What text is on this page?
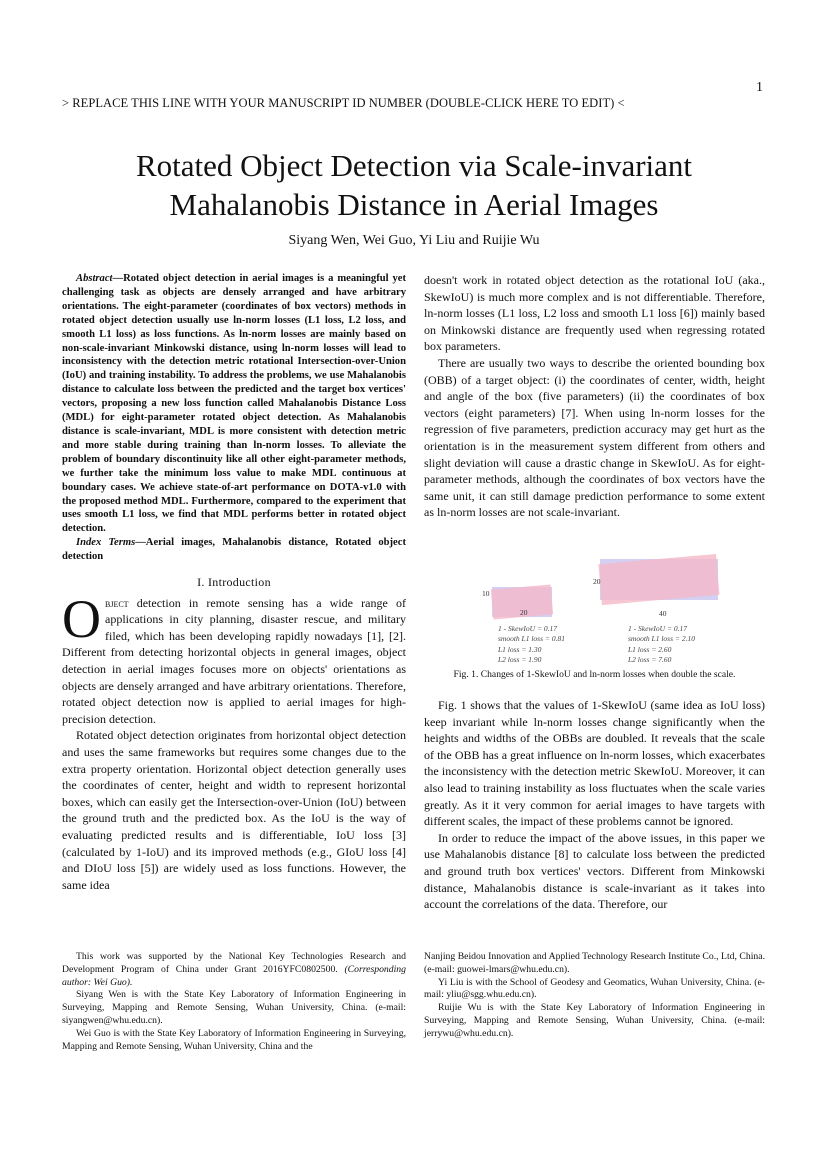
1
> REPLACE THIS LINE WITH YOUR MANUSCRIPT ID NUMBER (DOUBLE-CLICK HERE TO EDIT) <
Rotated Object Detection via Scale-invariant
Mahalanobis Distance in Aerial Images
Siyang Wen, Wei Guo, Yi Liu and Ruijie Wu

Abstract—Rotated object detection in aerial images is a meaningful yet challenging task as objects are densely arranged and have arbitrary orientations. The eight-parameter (coordinates of box vectors) methods in rotated object detection usually use ln-norm losses (L1 loss, L2 loss, and smooth L1 loss) as loss functions. As ln-norm losses are mainly based on non-scale-invariant Minkowski distance, using ln-norm losses will lead to inconsistency with the detection metric rotational Intersection-over-Union (IoU) and training instability. To address the problems, we use Mahalanobis distance to calculate loss between the predicted and the target box vertices' vectors, proposing a new loss function called Mahalanobis Distance Loss (MDL) for eight-parameter rotated object detection. As Mahalanobis distance is scale-invariant, MDL is more consistent with detection metric and more stable during training than ln-norm losses. To alleviate the problem of boundary discontinuity like all other eight-parameter methods, we further take the minimum loss value to make MDL continuous at boundary cases. We achieve state-of-art performance on DOTA-v1.0 with the proposed method MDL. Furthermore, compared to the experiment that uses smooth L1 loss, we find that MDL performs better in rotated object detection.

Index Terms—Aerial images, Mahalanobis distance, Rotated object detection

I. Introduction

Object detection in remote sensing has a wide range of applications in city planning, disaster rescue, and military filed, which has been developing rapidly nowadays [1], [2]. Different from detecting horizontal objects in general images, object detection in aerial images focuses more on objects' orientations as objects are densely arranged and have arbitrary orientations. Therefore, rotated object detection now is applied to aerial images for high-precision detection.

Rotated object detection originates from horizontal object detection and uses the same frameworks but requires some changes due to the extra property orientation. Horizontal object detection generally uses the coordinates of center, height and width to represent horizontal boxes, which can easily get the Intersection-over-Union (IoU) between the ground truth and the predicted box. As the IoU is the way of evaluating predicted results and is differentiable, IoU loss [3] (calculated by 1-IoU) and its improved methods (e.g., GIoU loss [4] and DIoU loss [5]) are widely used as loss functions. However, the same idea

doesn't work in rotated object detection as the rotational IoU (aka., SkewIoU) is much more complex and is not differentiable. Therefore, ln-norm losses (L1 loss, L2 loss and smooth L1 loss [6]) mainly based on Minkowski distance are frequently used when regressing rotated box parameters.

There are usually two ways to describe the oriented bounding box (OBB) of a target object: (i) the coordinates of center, width, height and angle of the box (five parameters) (ii) the coordinates of box vectors (eight parameters) [7]. When using ln-norm losses for the regression of five parameters, prediction accuracy may get hurt as the orientation is in the measurement system different from others and slight deviation will cause a drastic change in SkewIoU. As for eight-parameter methods, although the coordinates of box vectors have the same unit, it can still damage prediction performance to some extent as ln-norm losses are not scale-invariant.

10
20
20
40
1 - SkewIoU = 0.17
smooth L1 loss = 0.81
L1 loss = 1.30
L2 loss = 1.90
1 - SkewIoU = 0.17
smooth L1 loss = 2.10
L1 loss = 2.60
L2 loss = 7.60
Fig. 1. Changes of 1-SkewIoU and ln-norm losses when double the scale.

Fig. 1 shows that the values of 1-SkewIoU (same idea as IoU loss) keep invariant while ln-norm losses change significantly when the heights and widths of the OBBs are doubled. It reveals that the scale of the OBB has a great influence on ln-norm losses, which exacerbates the inconsistency with the detection metric SkewIoU. Moreover, it can also lead to training instability as loss fluctuates when the scale varies greatly. As it it very common for aerial images to have targets with different scales, the impact of these problems cannot be ignored.

In order to reduce the impact of the above issues, in this paper we use Mahalanobis distance [8] to calculate loss between the predicted and ground truth box vertices' vectors. Different from Minkowski distance, Mahalanobis distance is scale-invariant as it takes into account the correlations of the data. Therefore, our

This work was supported by the National Key Technologies Research and Development Program of China under Grant 2016YFC0802500. (Corresponding author: Wei Guo).

Siyang Wen is with the State Key Laboratory of Information Engineering in Surveying, Mapping and Remote Sensing, Wuhan University, China. (e-mail: siyangwen@whu.edu.cn).

Wei Guo is with the State Key Laboratory of Information Engineering in Surveying, Mapping and Remote Sensing, Wuhan University, China and the

Nanjing Beidou Innovation and Applied Technology Research Institute Co., Ltd, China. (e-mail: guowei-lmars@whu.edu.cn).

Yi Liu is with the School of Geodesy and Geomatics, Wuhan University, China. (e-mail: yliu@sgg.whu.edu.cn).

Ruijie Wu is with the State Key Laboratory of Information Engineering in Surveying, Mapping and Remote Sensing, Wuhan University, China. (e-mail: jerrywu@whu.edu.cn).
